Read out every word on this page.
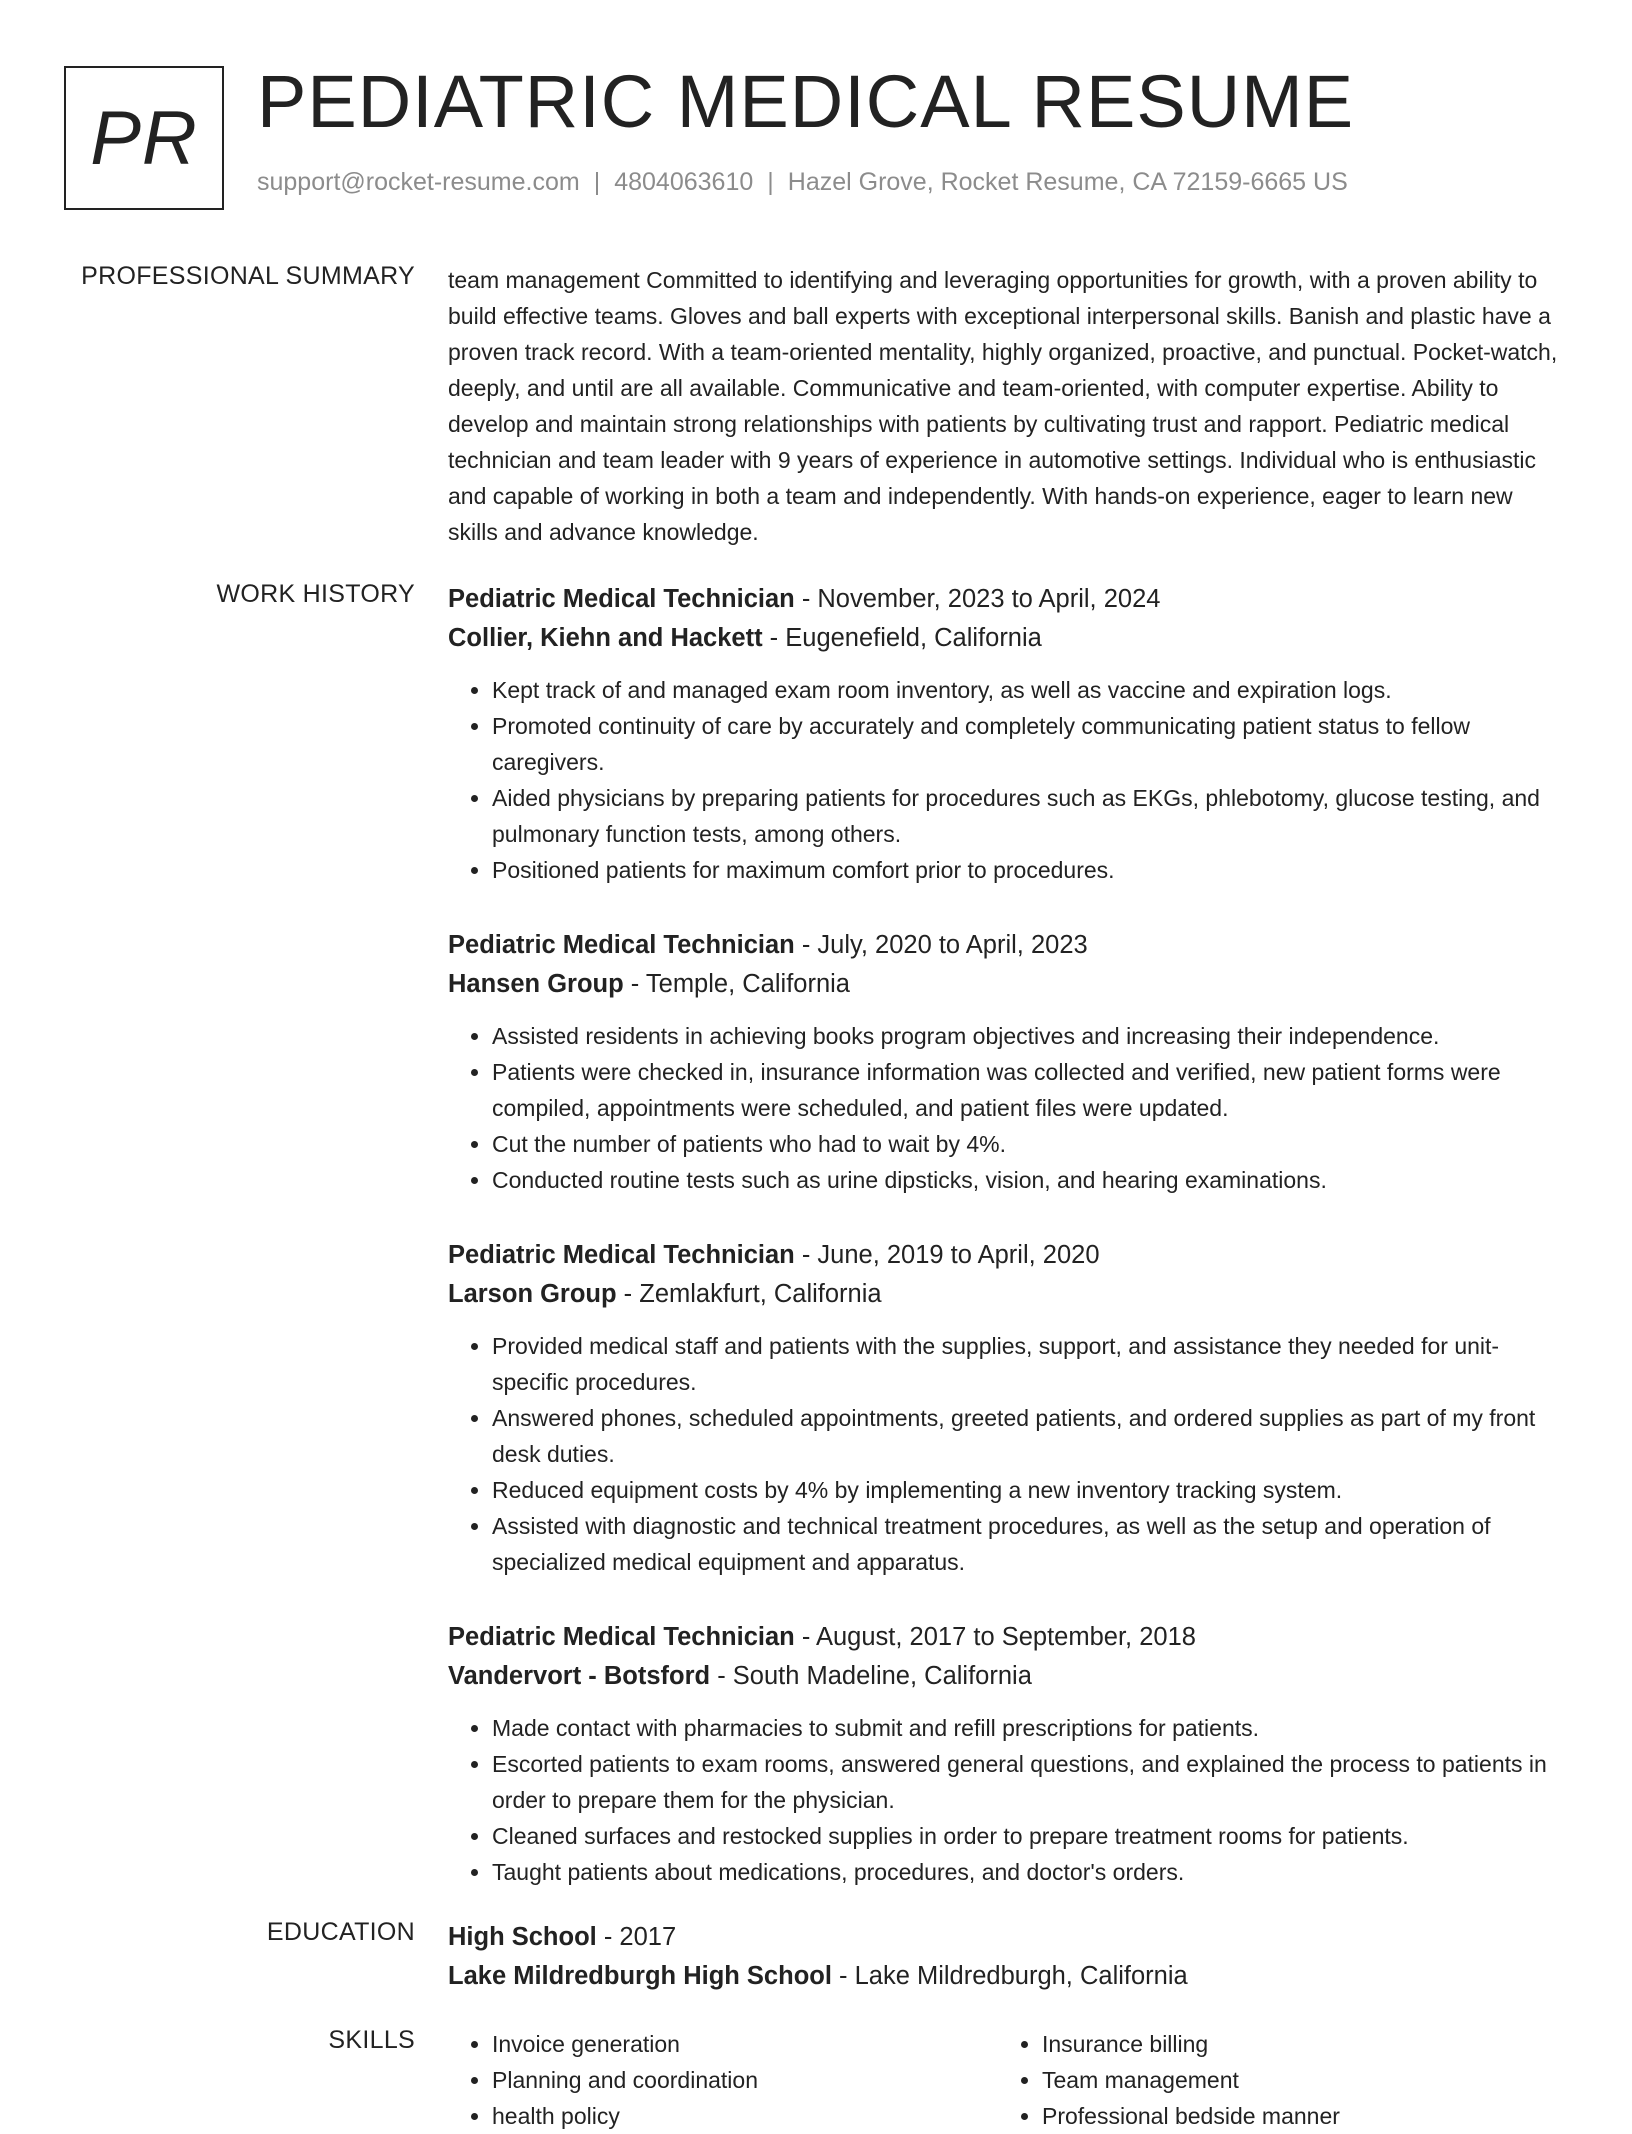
PR PEDIATRIC MEDICAL RESUME
support@rocket-resume.com | 4804063610 | Hazel Grove, Rocket Resume, CA 72159-6665 US
PROFESSIONAL SUMMARY team management Committed to identifying and leveraging opportunities for growth, with a proven ability to build effective teams. Gloves and ball experts with exceptional interpersonal skills. Banish and plastic have a proven track record. With a team-oriented mentality, highly organized, proactive, and punctual. Pocket-watch, deeply, and until are all available. Communicative and team-oriented, with computer expertise. Ability to develop and maintain strong relationships with patients by cultivating trust and rapport. Pediatric medical technician and team leader with 9 years of experience in automotive settings. Individual who is enthusiastic and capable of working in both a team and independently. With hands-on experience, eager to learn new skills and advance knowledge.

WORK HISTORY Pediatric Medical Technician - November, 2023 to April, 2024
Collier, Kiehn and Hackett - Eugenefield, California
• Kept track of and managed exam room inventory, as well as vaccine and expiration logs.
• Promoted continuity of care by accurately and completely communicating patient status to fellow caregivers.
• Aided physicians by preparing patients for procedures such as EKGs, phlebotomy, glucose testing, and pulmonary function tests, among others.
• Positioned patients for maximum comfort prior to procedures.
Pediatric Medical Technician - July, 2020 to April, 2023
Hansen Group - Temple, California
• Assisted residents in achieving books program objectives and increasing their independence.
• Patients were checked in, insurance information was collected and verified, new patient forms were compiled, appointments were scheduled, and patient files were updated.
• Cut the number of patients who had to wait by 4%.
• Conducted routine tests such as urine dipsticks, vision, and hearing examinations.
Pediatric Medical Technician - June, 2019 to April, 2020
Larson Group - Zemlakfurt, California
• Provided medical staff and patients with the supplies, support, and assistance they needed for unit-specific procedures.
• Answered phones, scheduled appointments, greeted patients, and ordered supplies as part of my front desk duties.
• Reduced equipment costs by 4% by implementing a new inventory tracking system.
• Assisted with diagnostic and technical treatment procedures, as well as the setup and operation of specialized medical equipment and apparatus.
Pediatric Medical Technician - August, 2017 to September, 2018
Vandervort - Botsford - South Madeline, California
• Made contact with pharmacies to submit and refill prescriptions for patients.
• Escorted patients to exam rooms, answered general questions, and explained the process to patients in order to prepare them for the physician.
• Cleaned surfaces and restocked supplies in order to prepare treatment rooms for patients.
• Taught patients about medications, procedures, and doctor's orders.
EDUCATION High School - 2017
Lake Mildredburgh High School - Lake Mildredburgh, California
SKILLS
•	Invoice generation
• Planning and coordination
• health policy
• Insurance billing
• Team management
• Professional bedside manner
